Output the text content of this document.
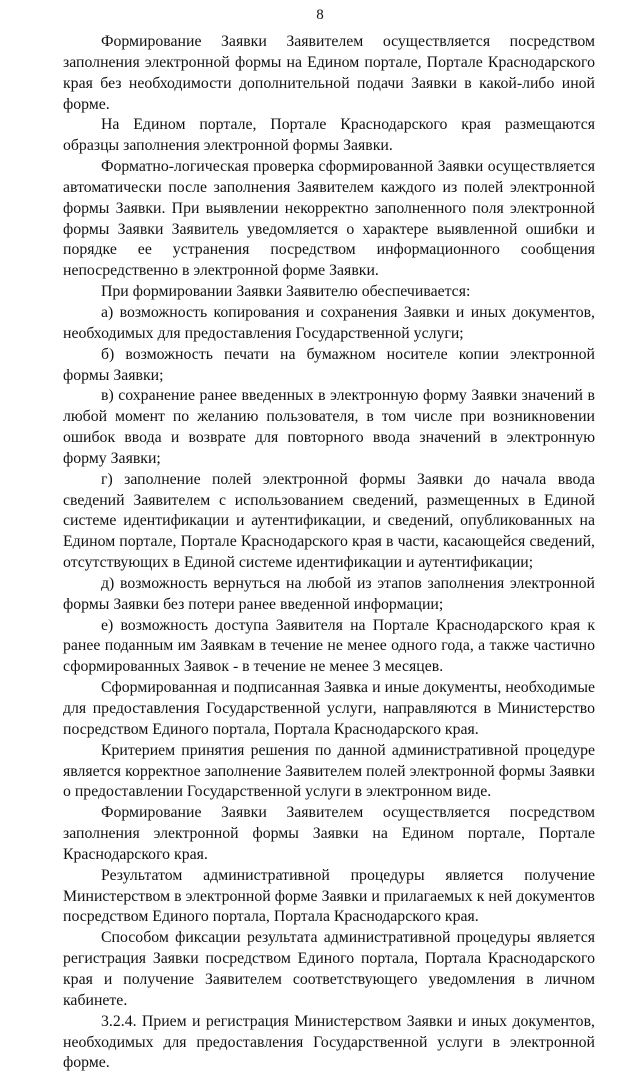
8

Формирование Заявки Заявителем осуществляется посредством заполнения электронной формы на Едином портале, Портале Краснодарского края без необходимости дополнительной подачи Заявки в какой-либо иной форме.

На Едином портале, Портале Краснодарского края размещаются образцы заполнения электронной формы Заявки.

Форматно-логическая проверка сформированной Заявки осуществляется автоматически после заполнения Заявителем каждого из полей электронной формы Заявки. При выявлении некорректно заполненного поля электронной формы Заявки Заявитель уведомляется о характере выявленной ошибки и порядке ее устранения посредством информационного сообщения непосредственно в электронной форме Заявки.

При формировании Заявки Заявителю обеспечивается:

а) возможность копирования и сохранения Заявки и иных документов, необходимых для предоставления Государственной услуги;

б) возможность печати на бумажном носителе копии электронной формы Заявки;

в) сохранение ранее введенных в электронную форму Заявки значений в любой момент по желанию пользователя, в том числе при возникновении ошибок ввода и возврате для повторного ввода значений в электронную форму Заявки;

г) заполнение полей электронной формы Заявки до начала ввода сведений Заявителем с использованием сведений, размещенных в Единой системе идентификации и аутентификации, и сведений, опубликованных на Едином портале, Портале Краснодарского края в части, касающейся сведений, отсутствующих в Единой системе идентификации и аутентификации;

д) возможность вернуться на любой из этапов заполнения электронной формы Заявки без потери ранее введенной информации;

е) возможность доступа Заявителя на Портале Краснодарского края к ранее поданным им Заявкам в течение не менее одного года, а также частично сформированных Заявок - в течение не менее 3 месяцев.

Сформированная и подписанная Заявка и иные документы, необходимые для предоставления Государственной услуги, направляются в Министерство посредством Единого портала, Портала Краснодарского края.

Критерием принятия решения по данной административной процедуре является корректное заполнение Заявителем полей электронной формы Заявки о предоставлении Государственной услуги в электронном виде.

Формирование Заявки Заявителем осуществляется посредством заполнения электронной формы Заявки на Едином портале, Портале Краснодарского края.

Результатом административной процедуры является получение Министерством в электронной форме Заявки и прилагаемых к ней документов посредством Единого портала, Портала Краснодарского края.

Способом фиксации результата административной процедуры является регистрация Заявки посредством Единого портала, Портала Краснодарского края и получение Заявителем соответствующего уведомления в личном кабинете.

3.2.4. Прием и регистрация Министерством Заявки и иных документов, необходимых для предоставления Государственной услуги в электронной форме.
